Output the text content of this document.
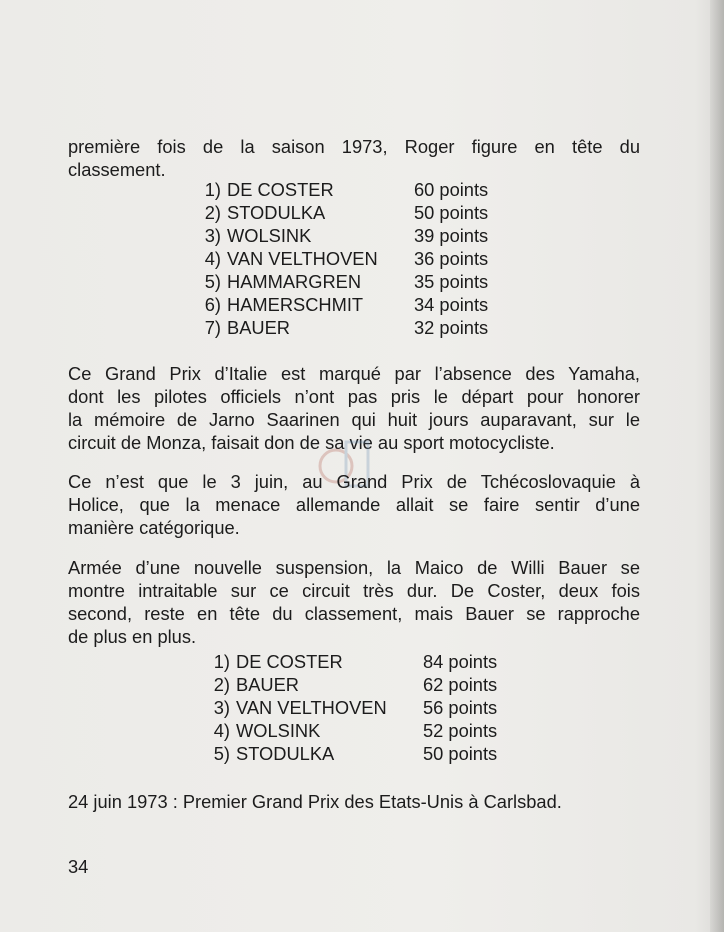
première fois de la saison 1973, Roger figure en tête du
classement.
1) DE COSTER	60 points
2) STODULKA	50 points
3) WOLSINK	39 points
4) VAN VELTHOVEN 36 points
5) HAMMARGREN	35 points
6) HAMERSCHMIT	34 points
7) BAUER	32 points
Ce Grand Prix d’Italie est marqué par l’absence des Yamaha,
dont les pilotes officiels n’ont pas pris le départ pour honorer
la mémoire de Jarno Saarinen qui huit jours auparavant, sur le
circuit de Monza, faisait don de sa vie au sport motocycliste.
Ce n’est que le 3 juin, au Grand Prix de Tchécoslovaquie à
Holice, que la menace allemande allait se faire sentir d’une
manière catégorique.
Armée d’une nouvelle suspension, la Maico de Willi Bauer se
montre intraitable sur ce circuit très dur. De Coster, deux fois
second, reste en tête du classement, mais Bauer se rapproche
de plus en plus.
1) DE COSTER	84 points
2) BAUER	62 points
3) VAN VELTHOVEN 56 points
4) WOLSINK	52 points
5) STODULKA	50 points
24 juin 1973 : Premier Grand Prix des Etats-Unis à Carlsbad.
34
